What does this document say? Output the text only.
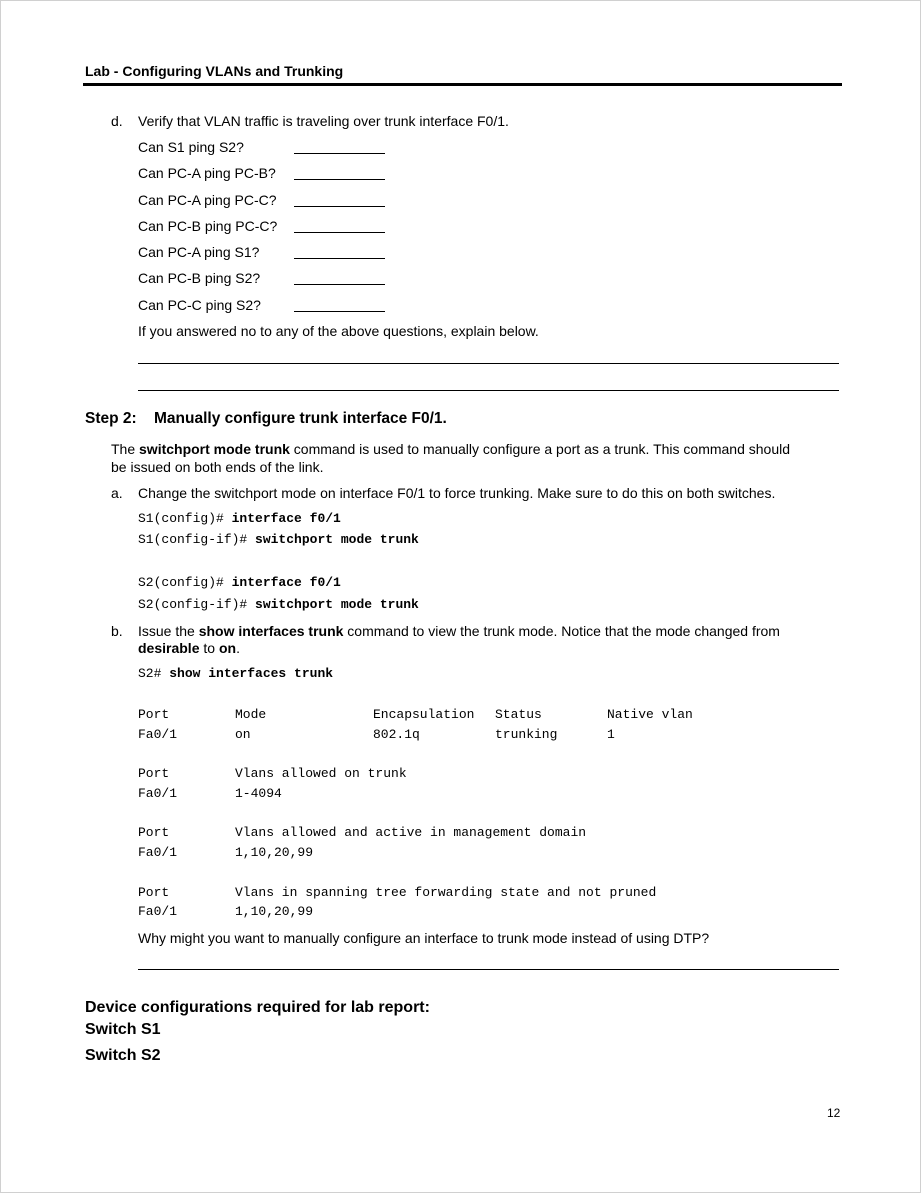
Lab - Configuring VLANs and Trunking
d. Verify that VLAN traffic is traveling over trunk interface F0/1.
Can S1 ping S2?
Can PC-A ping PC-B?
Can PC-A ping PC-C?
Can PC-B ping PC-C?
Can PC-A ping S1?
Can PC-B ping S2?
Can PC-C ping S2?
If you answered no to any of the above questions, explain below.
Step 2: Manually configure trunk interface F0/1.
The switchport mode trunk command is used to manually configure a port as a trunk. This command should
be issued on both ends of the link.
a. Change the switchport mode on interface F0/1 to force trunking. Make sure to do this on both switches.
S1(config)# interface f0/1
S1(config-if)# switchport mode trunk
S2(config)# interface f0/1
S2(config-if)# switchport mode trunk
b. Issue the show interfaces trunk command to view the trunk mode. Notice that the mode changed from
desirable to on.
S2# show interfaces trunk
Port	Mode	Encapsulation Status	Native vlan
Fa0/1	on	802.1q	trunking	1
Port	Vlans allowed on trunk
Fa0/1	1-4094
Port	Vlans allowed and active in management domain
Fa0/1	1,10,20,99
Port	Vlans in spanning tree forwarding state and not pruned
Fa0/1	1,10,20,99
Why might you want to manually configure an interface to trunk mode instead of using DTP?
Device configurations required for lab report:
Switch S1
Switch S2
12
